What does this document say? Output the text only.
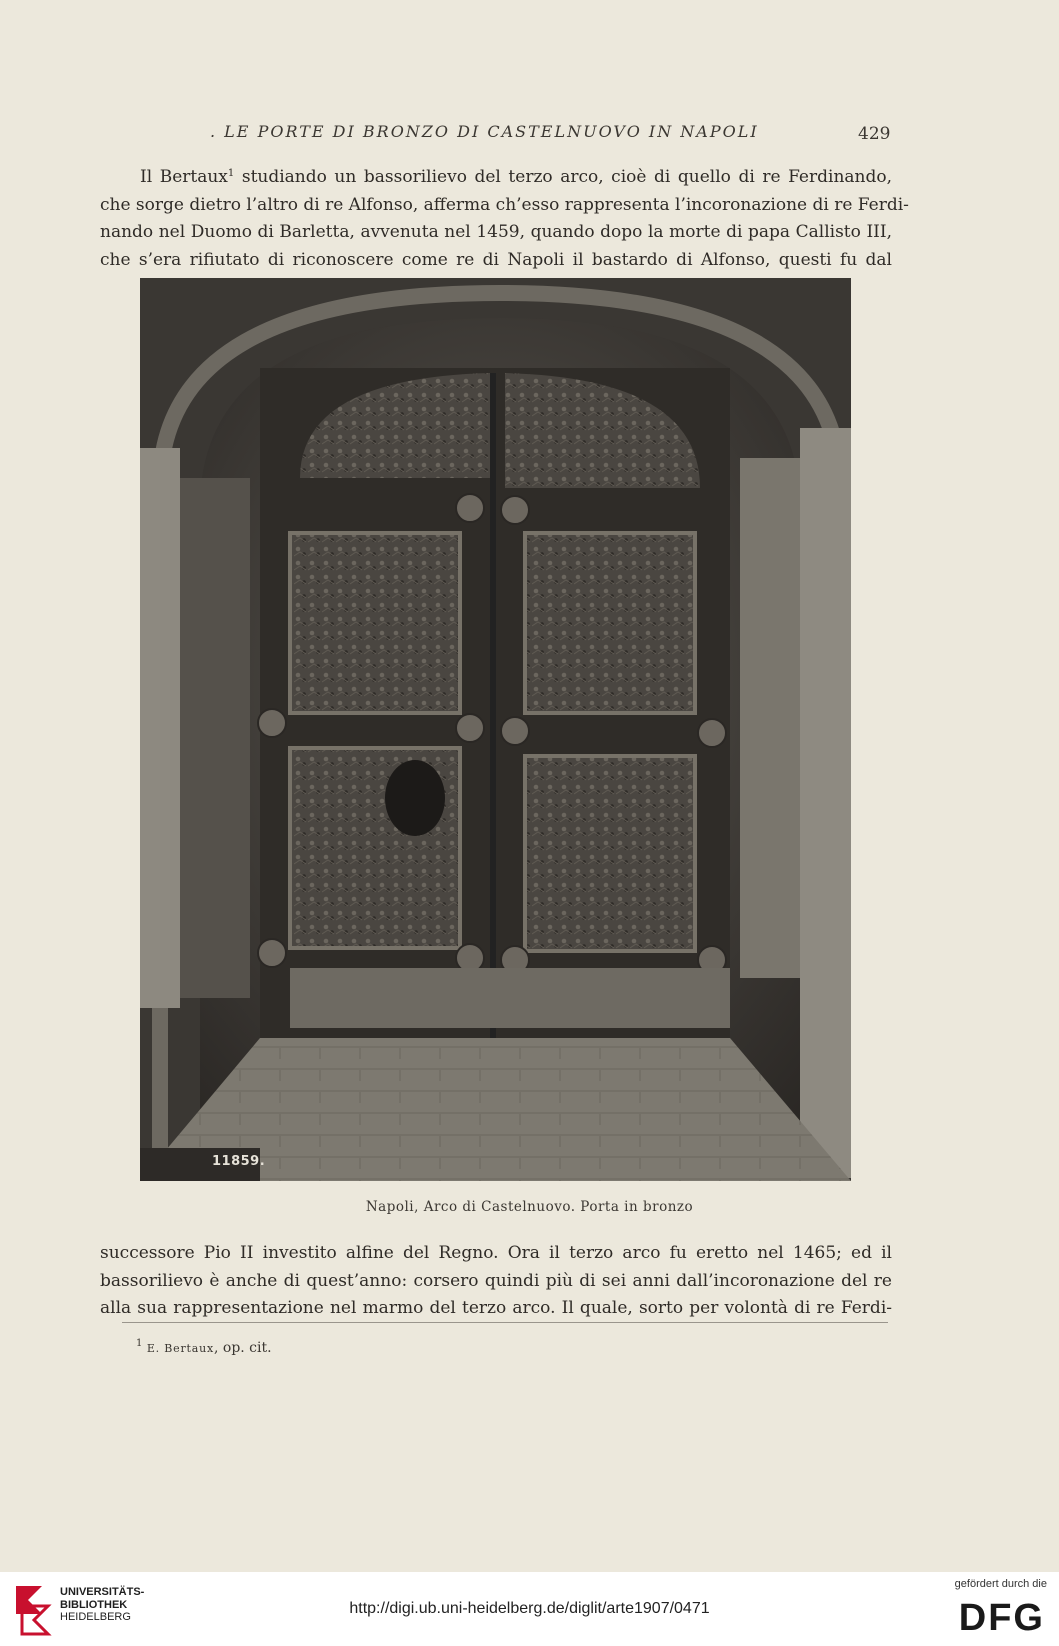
. LE PORTE DI BRONZO DI CASTELNUOVO IN NAPOLI	429
Il Bertaux$^1$ studiando un bassorilievo del terzo arco, cioè di quello di re Ferdinando,
che sorge dietro l’altro di re Alfonso, afferma ch’esso rappresenta l’incoronazione di re Ferdi-
nando nel Duomo di Barletta, avvenuta nel 1459, quando dopo la morte di papa Callisto III,
che s’era rifiutato di riconoscere come re di Napoli il bastardo di Alfonso, questi fu dal
11859.
Napoli, Arco di Castelnuovo. Porta in bronzo
successore Pio II investito alfine del Regno. Ora il terzo arco fu eretto nel 1465; ed il
bassorilievo è anche di quest’anno: corsero quindi più di sei anni dall’incoronazione del re
alla sua rappresentazione nel marmo del terzo arco. Il quale, sorto per volontà di re Ferdi-
$^1$ E. Bertaux, op. cit.
UNIVERSITÄTS-
BIBLIOTHEK
HEIDELBERG	http://digi.ub.uni-heidelberg.de/diglit/arte1907/0471
gefördert durch die
DFG
